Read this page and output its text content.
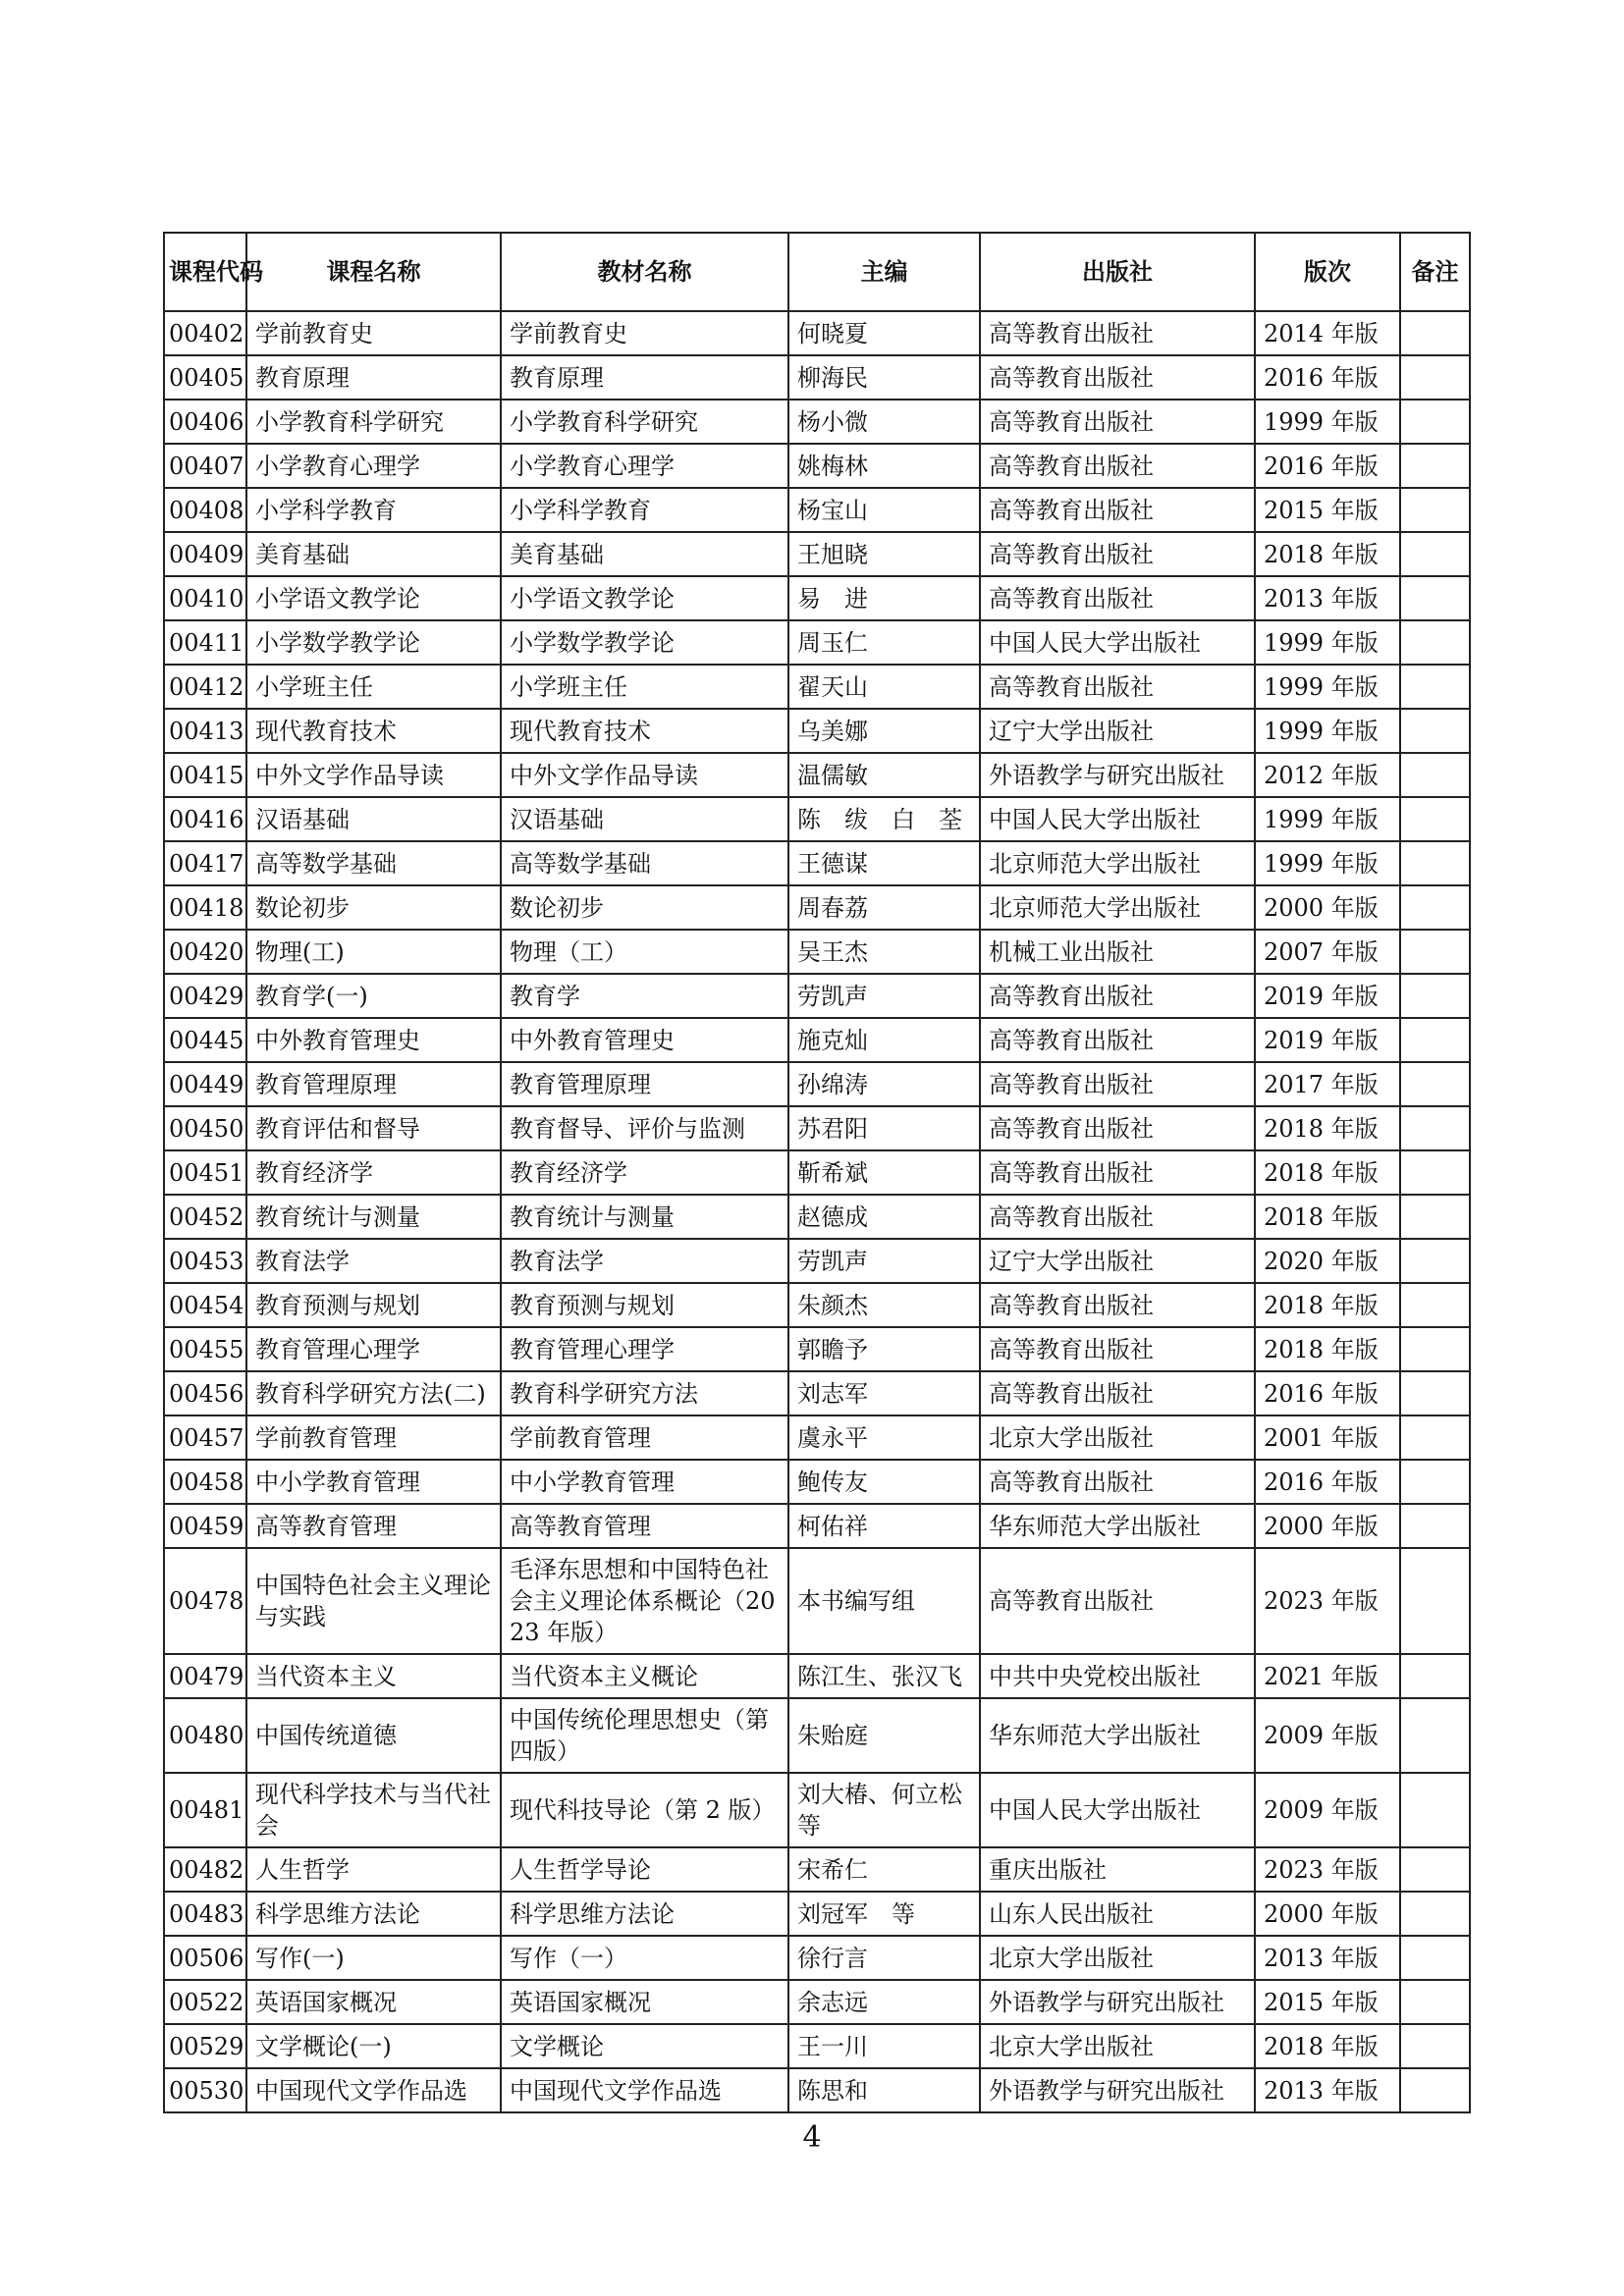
课程代码	课程名称	教材名称	主编	出版社	版次	备注
00402	学前教育史	学前教育史	何晓夏	高等教育出版社	2014 年版	
00405	教育原理	教育原理	柳海民	高等教育出版社	2016 年版	
00406	小学教育科学研究	小学教育科学研究	杨小微	高等教育出版社	1999 年版	
00407	小学教育心理学	小学教育心理学	姚梅林	高等教育出版社	2016 年版	
00408	小学科学教育	小学科学教育	杨宝山	高等教育出版社	2015 年版	
00409	美育基础	美育基础	王旭晓	高等教育出版社	2018 年版	
00410	小学语文教学论	小学语文教学论	易　进	高等教育出版社	2013 年版	
00411	小学数学教学论	小学数学教学论	周玉仁	中国人民大学出版社	1999 年版	
00412	小学班主任	小学班主任	翟天山	高等教育出版社	1999 年版	
00413	现代教育技术	现代教育技术	乌美娜	辽宁大学出版社	1999 年版	
00415	中外文学作品导读	中外文学作品导读	温儒敏	外语教学与研究出版社	2012 年版	
00416	汉语基础	汉语基础	陈　绂　白　荃	中国人民大学出版社	1999 年版	
00417	高等数学基础	高等数学基础	王德谋	北京师范大学出版社	1999 年版	
00418	数论初步	数论初步	周春荔	北京师范大学出版社	2000 年版	
00420	物理(工)	物理（工）	吴王杰	机械工业出版社	2007 年版	
00429	教育学(一)	教育学	劳凯声	高等教育出版社	2019 年版	
00445	中外教育管理史	中外教育管理史	施克灿	高等教育出版社	2019 年版	
00449	教育管理原理	教育管理原理	孙绵涛	高等教育出版社	2017 年版	
00450	教育评估和督导	教育督导、评价与监测	苏君阳	高等教育出版社	2018 年版	
00451	教育经济学	教育经济学	靳希斌	高等教育出版社	2018 年版	
00452	教育统计与测量	教育统计与测量	赵德成	高等教育出版社	2018 年版	
00453	教育法学	教育法学	劳凯声	辽宁大学出版社	2020 年版	
00454	教育预测与规划	教育预测与规划	朱颜杰	高等教育出版社	2018 年版	
00455	教育管理心理学	教育管理心理学	郭瞻予	高等教育出版社	2018 年版	
00456	教育科学研究方法(二)	教育科学研究方法	刘志军	高等教育出版社	2016 年版	
00457	学前教育管理	学前教育管理	虞永平	北京大学出版社	2001 年版	
00458	中小学教育管理	中小学教育管理	鲍传友	高等教育出版社	2016 年版	
00459	高等教育管理	高等教育管理	柯佑祥	华东师范大学出版社	2000 年版	
00478	中国特色社会主义理论与实践	毛泽东思想和中国特色社会主义理论体系概论（2023 年版）	本书编写组	高等教育出版社	2023 年版	
00479	当代资本主义	当代资本主义概论	陈江生、张汉飞	中共中央党校出版社	2021 年版	
00480	中国传统道德	中国传统伦理思想史（第四版）	朱贻庭	华东师范大学出版社	2009 年版	
00481	现代科学技术与当代社会	现代科技导论（第 2 版）	刘大椿、何立松等	中国人民大学出版社	2009 年版	
00482	人生哲学	人生哲学导论	宋希仁	重庆出版社	2023 年版	
00483	科学思维方法论	科学思维方法论	刘冠军　等	山东人民出版社	2000 年版	
00506	写作(一)	写作（一）	徐行言	北京大学出版社	2013 年版	
00522	英语国家概况	英语国家概况	余志远	外语教学与研究出版社	2015 年版	
00529	文学概论(一)	文学概论	王一川	北京大学出版社	2018 年版	
00530	中国现代文学作品选	中国现代文学作品选	陈思和	外语教学与研究出版社	2013 年版	
4
